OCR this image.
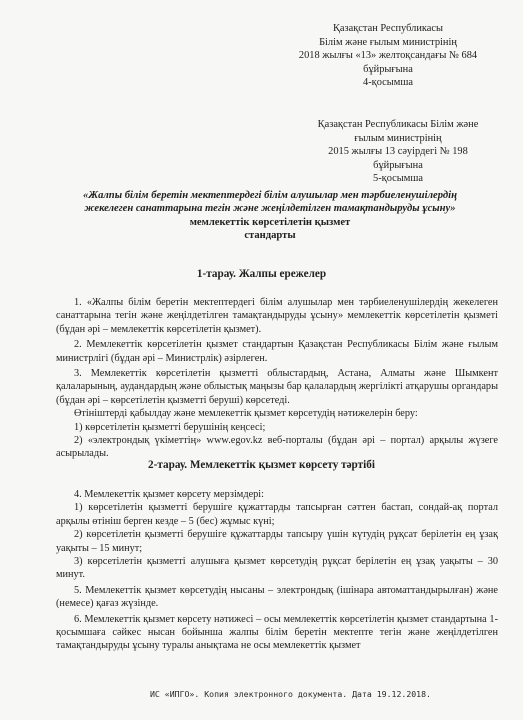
Қазақстан Республикасы
Білім және ғылым министрінің
2018 жылғы «13» желтоқсандағы № 684
бұйрығына
4-қосымша
Қазақстан Республикасы Білім және
ғылым министрінің
2015 жылғы 13 сәуірдегі № 198
бұйрығына
5-қосымша
«Жалпы білім беретін мектептердегі білім алушылар мен тәрбиеленушілердің
жекелеген санаттарына тегін және жеңілдетілген тамақтандыруды ұсыну»
мемлекеттік көрсетілетін қызмет
стандарты
1-тарау. Жалпы ережелер

1. «Жалпы білім беретін мектептердегі білім алушылар мен тәрбиеленушілердің жекелеген санаттарына тегін және жеңілдетілген тамақтандыруды ұсыну» мемлекеттік көрсетілетін қызметі (бұдан әрі – мемлекеттік көрсетілетін қызмет).

2. Мемлекеттік көрсетілетін қызмет стандартын Қазақстан Республикасы Білім және ғылым министрлігі (бұдан әрі – Министрлік) әзірлеген.

3. Мемлекеттік көрсетілетін қызметті облыстардың, Астана, Алматы және Шымкент қалаларының, аудандардың және облыстық маңызы бар қалалардың жергілікті атқарушы органдары (бұдан әрі – көрсетілетін қызметті беруші) көрсетеді.

Өтініштерді қабылдау және мемлекеттік қызмет көрсетудің нәтижелерін беру:

1) көрсетілетін қызметті берушінің кеңсесі;

2) «электрондық үкіметтің» www.egov.kz веб-порталы (бұдан әрі – портал) арқылы жүзеге асырылады.

2-тарау. Мемлекеттік қызмет көрсету тәртібі

4. Мемлекеттік қызмет көрсету мерзімдері:

1) көрсетілетін қызметті берушіге құжаттарды тапсырған сәттен бастап, сондай-ақ портал арқылы өтініш берген кезде – 5 (бес) жұмыс күні;

2) көрсетілетін қызметті берушіге құжаттарды тапсыру үшін күтудің рұқсат берілетін ең ұзақ уақыты – 15 минут;

3) көрсетілетін қызметті алушыға қызмет көрсетудің рұқсат берілетін ең ұзақ уақыты – 30 минут.

5. Мемлекеттік қызмет көрсетудің нысаны – электрондық (ішінара автоматтандырылған) және (немесе) қағаз жүзінде.

6. Мемлекеттік қызмет көрсету нәтижесі – осы мемлекеттік көрсетілетін қызмет стандартына 1-қосымшаға сәйкес нысан бойынша жалпы білім беретін мектепте тегін және жеңілдетілген тамақтандыруды ұсыну туралы анықтама не осы мемлекеттік қызмет

ИС «ИПГО». Копия электронного документа. Дата 19.12.2018.
